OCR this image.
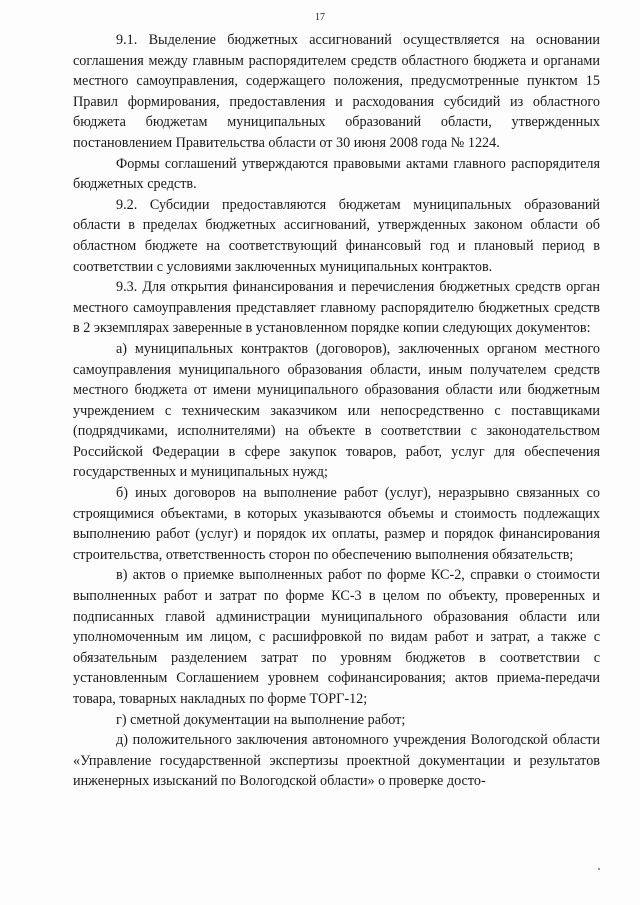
17

9.1. Выделение бюджетных ассигнований осуществляется на основании соглашения между главным распорядителем средств областного бюджета и органами местного самоуправления, содержащего положения, предусмотренные пунктом 15 Правил формирования, предоставления и расходования субсидий из областного бюджета бюджетам муниципальных образований области, утвержденных постановлением Правительства области от 30 июня 2008 года № 1224.

Формы соглашений утверждаются правовыми актами главного распорядителя бюджетных средств.

9.2. Субсидии предоставляются бюджетам муниципальных образований области в пределах бюджетных ассигнований, утвержденных законом области об областном бюджете на соответствующий финансовый год и плановый период в соответствии с условиями заключенных муниципальных контрактов.

9.3. Для открытия финансирования и перечисления бюджетных средств орган местного самоуправления представляет главному распорядителю бюджетных средств в 2 экземплярах заверенные в установленном порядке копии следующих документов:

а) муниципальных контрактов (договоров), заключенных органом местного самоуправления муниципального образования области, иным получателем средств местного бюджета от имени муниципального образования области или бюджетным учреждением с техническим заказчиком или непосредственно с поставщиками (подрядчиками, исполнителями) на объекте в соответствии с законодательством Российской Федерации в сфере закупок товаров, работ, услуг для обеспечения государственных и муниципальных нужд;

б) иных договоров на выполнение работ (услуг), неразрывно связанных со строящимися объектами, в которых указываются объемы и стоимость подлежащих выполнению работ (услуг) и порядок их оплаты, размер и порядок финансирования строительства, ответственность сторон по обеспечению выполнения обязательств;

в) актов о приемке выполненных работ по форме КС-2, справки о стоимости выполненных работ и затрат по форме КС-3 в целом по объекту, проверенных и подписанных главой администрации муниципального образования области или уполномоченным им лицом, с расшифровкой по видам работ и затрат, а также с обязательным разделением затрат по уровням бюджетов в соответствии с установленным Соглашением уровнем софинансирования; актов приема-передачи товара, товарных накладных по форме ТОРГ-12;

г) сметной документации на выполнение работ;

д) положительного заключения автономного учреждения Вологодской области «Управление государственной экспертизы проектной документации и результатов инженерных изысканий по Вологодской области» о проверке досто-
